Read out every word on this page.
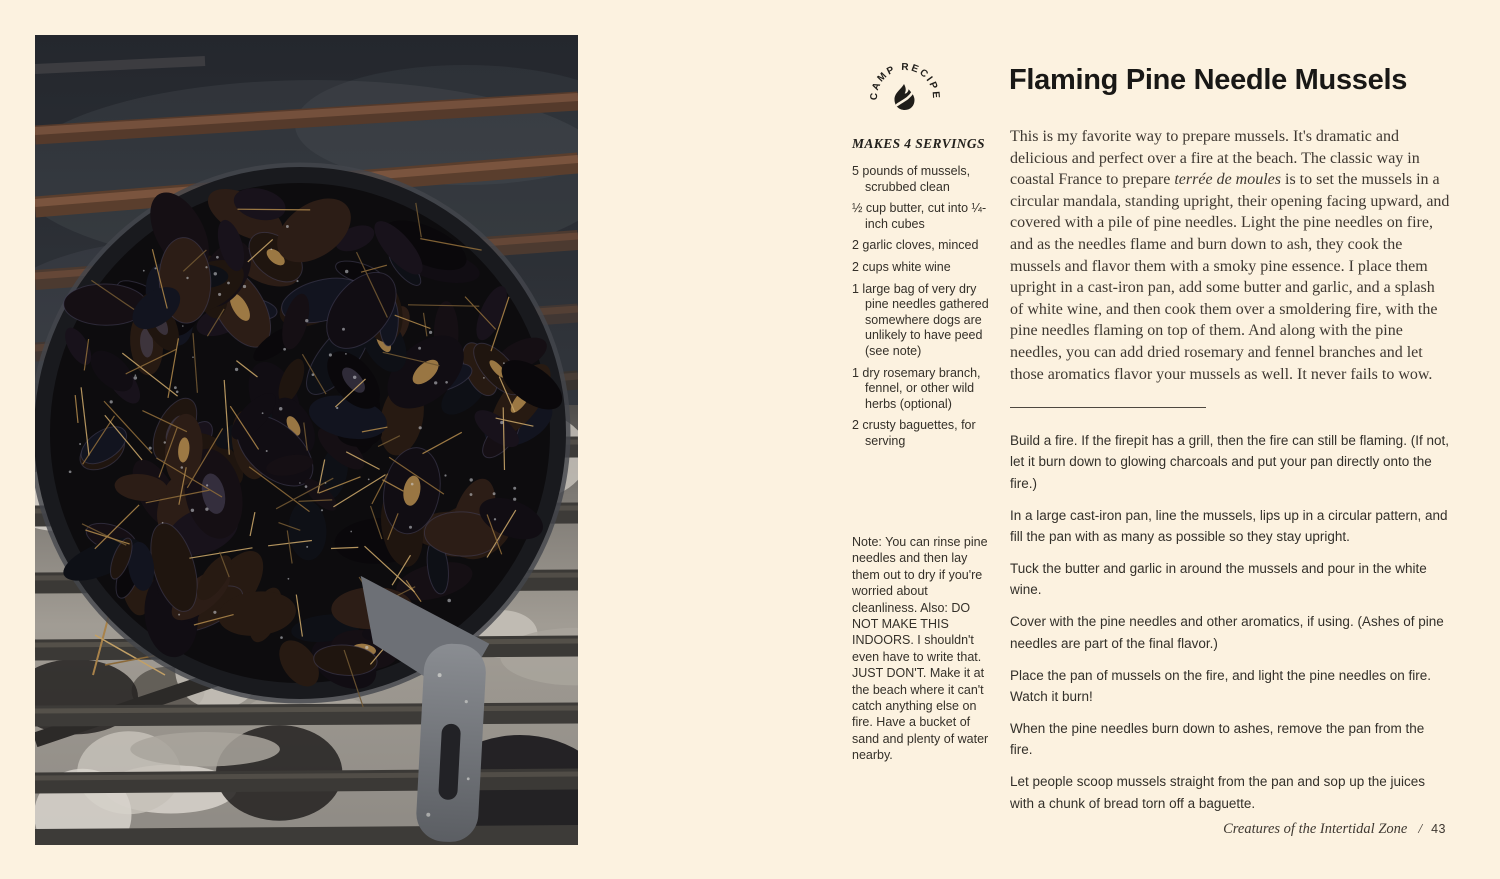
CAMP RECIPE Flaming Pine Needle Mussels
MAKES 4 SERVINGS
5 pounds of mussels, scrubbed clean
½ cup butter, cut into ¼-inch cubes
2 garlic cloves, minced
2 cups white wine
1 large bag of very dry pine needles gathered somewhere dogs are unlikely to have peed (see note)
1 dry rosemary branch, fennel, or other wild herbs (optional)
2 crusty baguettes, for serving
Note: You can rinse pine needles and then lay them out to dry if you're worried about cleanliness. Also: DO NOT MAKE THIS INDOORS. I shouldn't even have to write that. JUST DON'T. Make it at the beach where it can't catch anything else on fire. Have a bucket of sand and plenty of water nearby.

This is my favorite way to prepare mussels. It's dramatic and delicious and perfect over a fire at the beach. The classic way in coastal France to prepare terrée de moules is to set the mussels in a circular mandala, standing upright, their opening facing upward, and covered with a pile of pine needles. Light the pine needles on fire, and as the needles flame and burn down to ash, they cook the mussels and flavor them with a smoky pine essence. I place them upright in a cast-iron pan, add some butter and garlic, and a splash of white wine, and then cook them over a smoldering fire, with the pine needles flaming on top of them. And along with the pine needles, you can add dried rosemary and fennel branches and let those aromatics flavor your mussels as well. It never fails to wow.

Build a fire. If the firepit has a grill, then the fire can still be flaming. (If not, let it burn down to glowing charcoals and put your pan directly onto the fire.)
In a large cast-iron pan, line the mussels, lips up in a circular pattern, and fill the pan with as many as possible so they stay upright.
Tuck the butter and garlic in around the mussels and pour in the white wine.
Cover with the pine needles and other aromatics, if using. (Ashes of pine needles are part of the final flavor.)
Place the pan of mussels on the fire, and light the pine needles on fire. Watch it burn!
When the pine needles burn down to ashes, remove the pan from the fire.
Let people scoop mussels straight from the pan and sop up the juices with a chunk of bread torn off a baguette.
Creatures of the Intertidal Zone / 43
